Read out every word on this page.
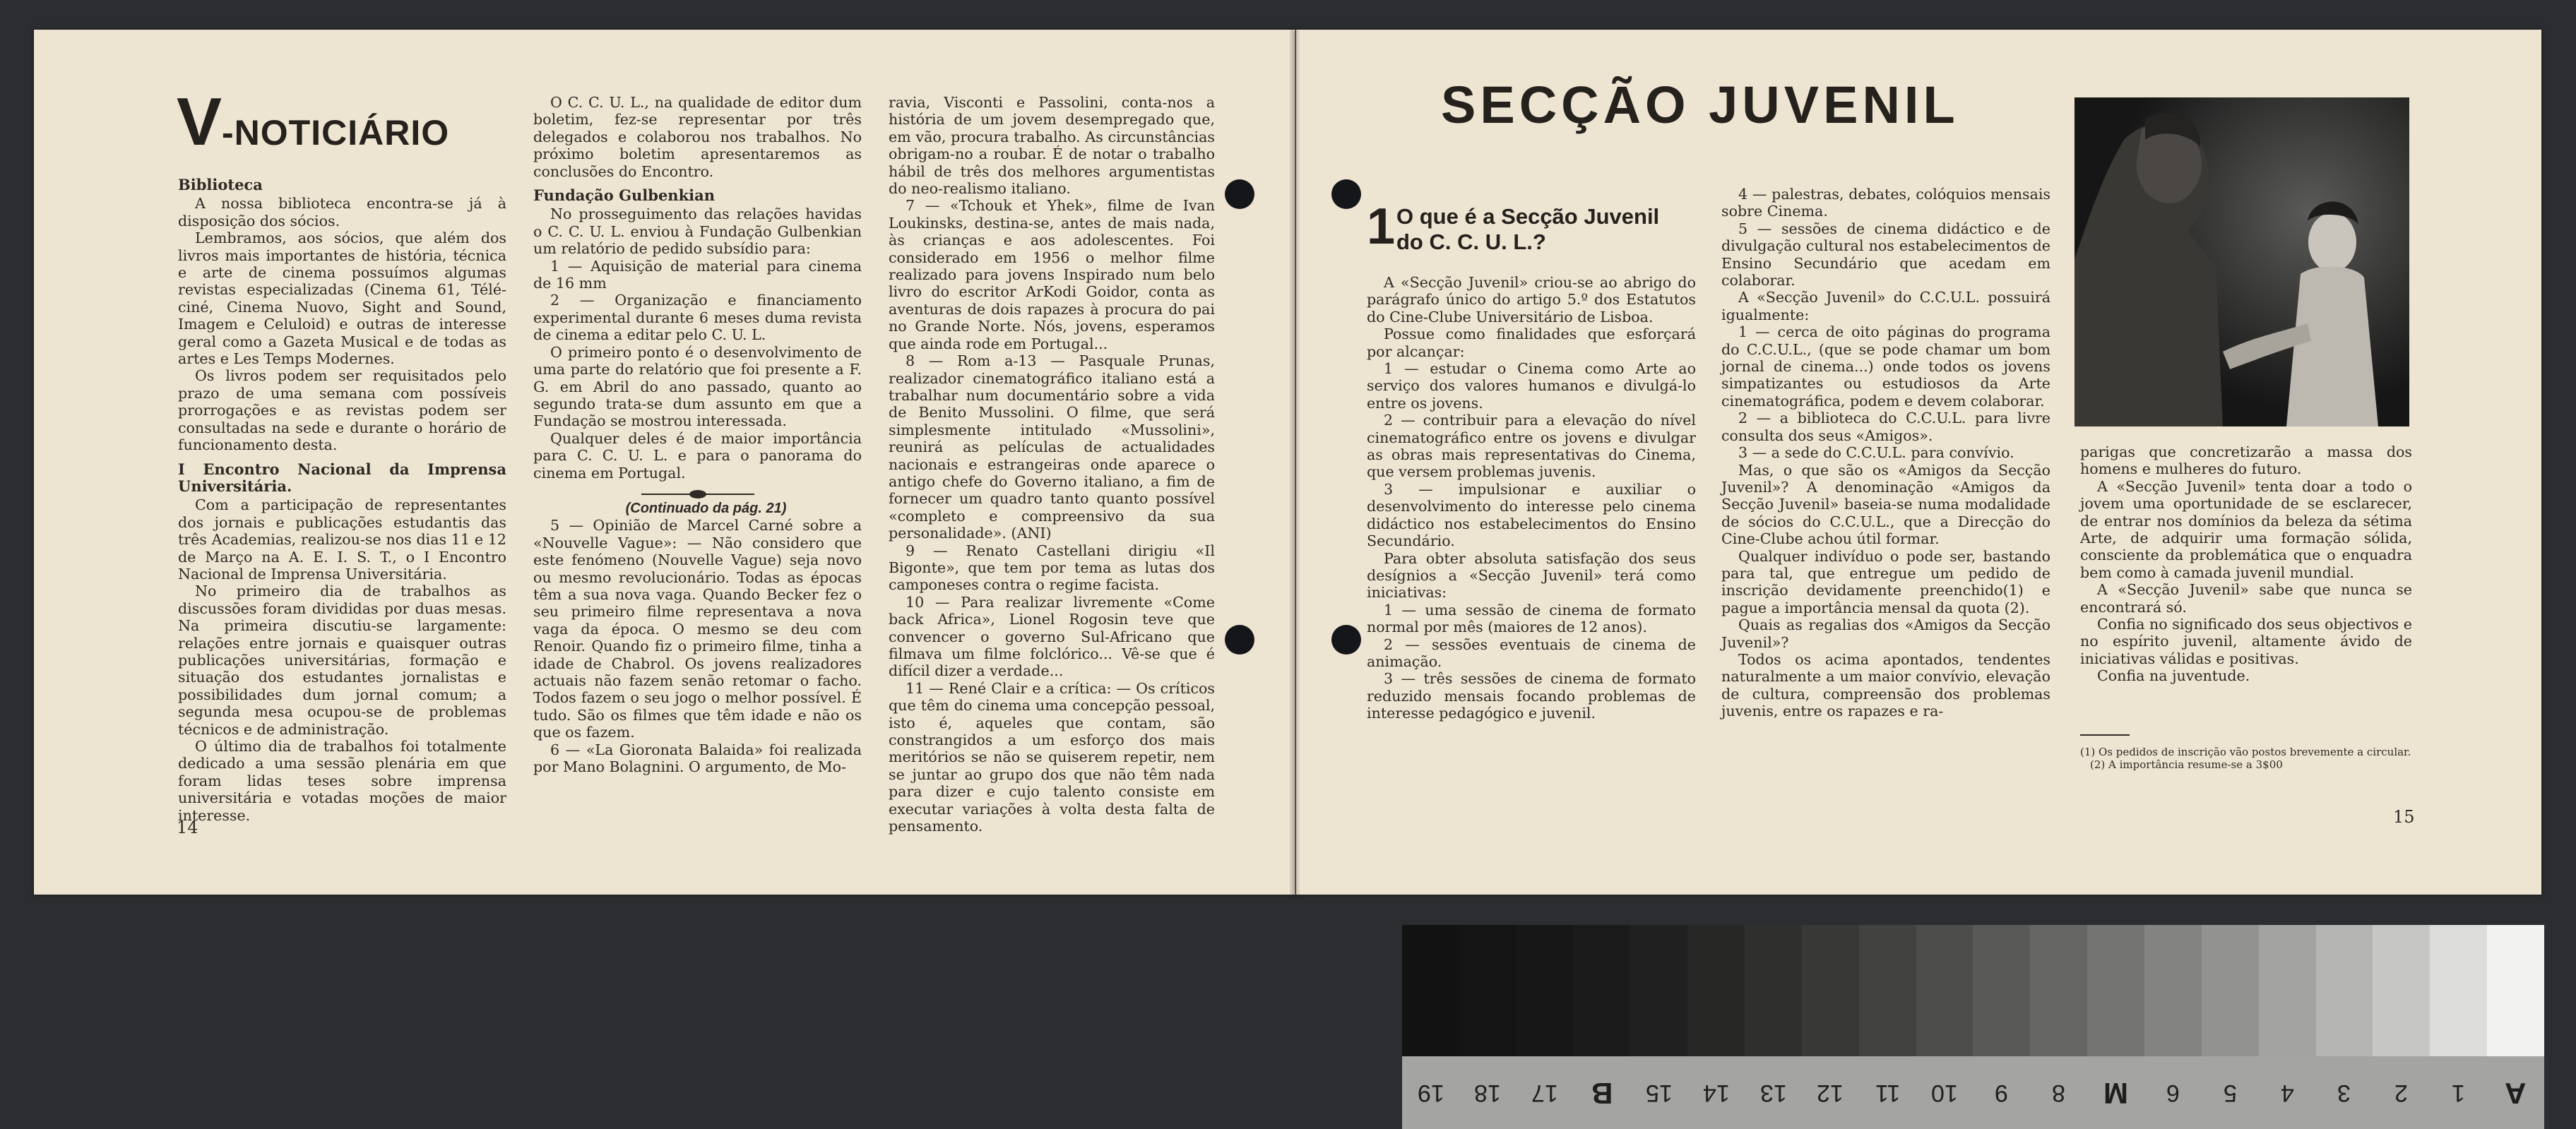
V-NOTICIÁRIO
Biblioteca

A nossa biblioteca encontra-se já à disposição dos sócios.

Lembramos, aos sócios, que além dos livros mais importantes de história, técnica e arte de cinema possuímos algumas revistas especializadas (Cinema 61, Télé-ciné, Cinema Nuovo, Sight and Sound, Imagem e Celuloid) e outras de interesse geral como a Gazeta Musical e de todas as artes e Les Temps Modernes.

Os livros podem ser requisitados pelo prazo de uma semana com possíveis prorrogações e as revistas podem ser consultadas na sede e durante o horário de funcionamento desta.

I Encontro Nacional da Imprensa Universitária.

Com a participação de representantes dos jornais e publicações estudantis das três Academias, realizou-se nos dias 11 e 12 de Março na A. E. I. S. T., o I Encontro Nacional de Imprensa Universitária.

No primeiro dia de trabalhos as discussões foram divididas por duas mesas. Na primeira discutiu-se largamente: relações entre jornais e quaisquer outras publicações universitárias, formação e situação dos estudantes jornalistas e possibilidades dum jornal comum; a segunda mesa ocupou-se de problemas técnicos e de administração.

O último dia de trabalhos foi totalmente dedicado a uma sessão plenária em que foram lidas teses sobre imprensa universitária e votadas moções de maior interesse.

O C. C. U. L., na qualidade de editor dum boletim, fez-se representar por três delegados e colaborou nos trabalhos. No próximo boletim apresentaremos as conclusões do Encontro.

Fundação Gulbenkian

No prosseguimento das relações havidas o C. C. U. L. enviou à Fundação Gulbenkian um relatório de pedido subsídio para:

1 — Aquisição de material para cinema de 16 mm

2 — Organização e financiamento experimental durante 6 meses duma revista de cinema a editar pelo C. U. L.

O primeiro ponto é o desenvolvimento de uma parte do relatório que foi presente a F. G. em Abril do ano passado, quanto ao segundo trata-se dum assunto em que a Fundação se mostrou interessada.

Qualquer deles é de maior importância para C. C. U. L. e para o panorama do cinema em Portugal.

(Continuado da pág. 21)

5 — Opinião de Marcel Carné sobre a «Nouvelle Vague»: — Não considero que este fenómeno (Nouvelle Vague) seja novo ou mesmo revolucionário. Todas as épocas têm a sua nova vaga. Quando Becker fez o seu primeiro filme representava a nova vaga da época. O mesmo se deu com Renoir. Quando fiz o primeiro filme, tinha a idade de Chabrol. Os jovens realizadores actuais não fazem senão retomar o facho. Todos fazem o seu jogo o melhor possível. É tudo. São os filmes que têm idade e não os que os fazem.

6 — «La Gioronata Balaida» foi realizada por Mano Bolagnini. O argumento, de Mo-

ravia, Visconti e Passolini, conta-nos a história de um jovem desempregado que, em vão, procura trabalho. As circunstâncias obrigam-no a roubar. É de notar o trabalho hábil de três dos melhores argumentistas do neo-realismo italiano.

7 — «Tchouk et Yhek», filme de Ivan Loukinsks, destina-se, antes de mais nada, às crianças e aos adolescentes. Foi considerado em 1956 o melhor filme realizado para jovens Inspirado num belo livro do escritor ArKodi Goidor, conta as aventuras de dois rapazes à procura do pai no Grande Norte. Nós, jovens, esperamos que ainda rode em Portugal...

8 — Rom a-13 — Pasquale Prunas, realizador cinematográfico italiano está a trabalhar num documentário sobre a vida de Benito Mussolini. O filme, que será simplesmente intitulado «Mussolini», reunirá as películas de actualidades nacionais e estrangeiras onde aparece o antigo chefe do Governo italiano, a fim de fornecer um quadro tanto quanto possível «completo e compreensivo da sua personalidade». (ANI)

9 — Renato Castellani dirigiu «Il Bigonte», que tem por tema as lutas dos camponeses contra o regime facista.

10 — Para realizar livremente «Come back Africa», Lionel Rogosin teve que convencer o governo Sul-Africano que filmava um filme folclórico... Vê-se que é difícil dizer a verdade...

11 — René Clair e a crítica: — Os críticos que têm do cinema uma concepção pessoal, isto é, aqueles que contam, são constrangidos a um esforço dos mais meritórios se não se quiserem repetir, nem se juntar ao grupo dos que não têm nada para dizer e cujo talento consiste em executar variações à volta desta falta de pensamento.

14
SECÇÃO JUVENIL
1 O que é a Secção Juvenil do C. C. U. L.?

A «Secção Juvenil» criou-se ao abrigo do parágrafo único do artigo 5.º dos Estatutos do Cine-Clube Universitário de Lisboa.

Possue como finalidades que esforçará por alcançar:

1 — estudar o Cinema como Arte ao serviço dos valores humanos e divulgá-lo entre os jovens.

2 — contribuir para a elevação do nível cinematográfico entre os jovens e divulgar as obras mais representativas do Cinema, que versem problemas juvenis.

3 — impulsionar e auxiliar o desenvolvimento do interesse pelo cinema didáctico nos estabelecimentos do Ensino Secundário.

Para obter absoluta satisfação dos seus desígnios a «Secção Juvenil» terá como iniciativas:

1 — uma sessão de cinema de formato normal por mês (maiores de 12 anos).

2 — sessões eventuais de cinema de animação.

3 — três sessões de cinema de formato reduzido mensais focando problemas de interesse pedagógico e juvenil.

4 — palestras, debates, colóquios mensais sobre Cinema.

5 — sessões de cinema didáctico e de divulgação cultural nos estabelecimentos de Ensino Secundário que acedam em colaborar.

A «Secção Juvenil» do C.C.U.L. possuirá igualmente:

1 — cerca de oito páginas do programa do C.C.U.L., (que se pode chamar um bom jornal de cinema...) onde todos os jovens simpatizantes ou estudiosos da Arte cinematográfica, podem e devem colaborar.

2 — a biblioteca do C.C.U.L. para livre consulta dos seus «Amigos».

3 — a sede do C.C.U.L. para convívio.

Mas, o que são os «Amigos da Secção Juvenil»? A denominação «Amigos da Secção Juvenil» baseia-se numa modalidade de sócios do C.C.U.L., que a Direcção do Cine-Clube achou útil formar.

Qualquer indivíduo o pode ser, bastando para tal, que entregue um pedido de inscrição devidamente preenchido(1) e pague a importância mensal da quota (2).

Quais as regalias dos «Amigos da Secção Juvenil»?

Todos os acima apontados, tendentes naturalmente a um maior convívio, elevação de cultura, compreensão dos problemas juvenis, entre os rapazes e ra-

parigas que concretizarão a massa dos homens e mulheres do futuro.

A «Secção Juvenil» tenta doar a todo o jovem uma oportunidade de se esclarecer, de entrar nos domínios da beleza da sétima Arte, de adquirir uma formação sólida, consciente da problemática que o enquadra bem como à camada juvenil mundial.

A «Secção Juvenil» sabe que nunca se encontrará só.

Confia no significado dos seus objectivos e no espírito juvenil, altamente ávido de iniciativas válidas e positivas.

Confia na juventude.

(1) Os pedidos de inscrição vão postos brevemente a circular.
(2) A importância resume-se a 3$00
15
19 18 17 B 15 14 13 12 11 10 9 8 M 6 5 4 3 2 1 A
